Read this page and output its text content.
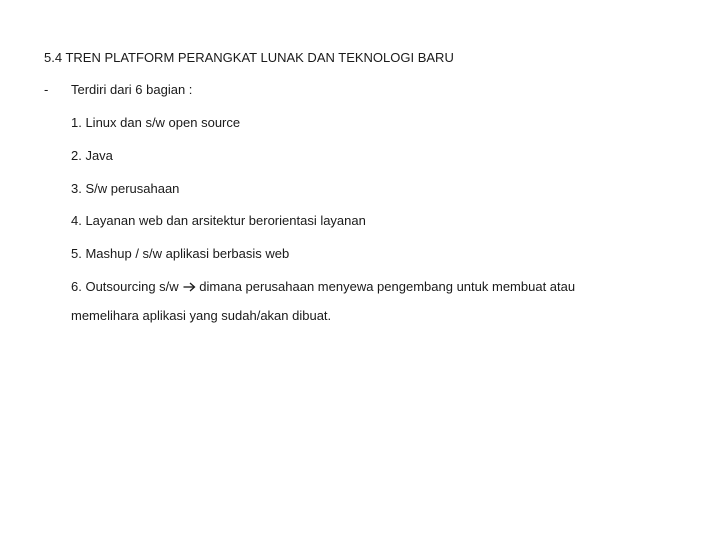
5.4 TREN PLATFORM PERANGKAT LUNAK DAN TEKNOLOGI BARU
- Terdiri dari 6 bagian :
1. Linux dan s/w open source
2. Java
3. S/w perusahaan
4. Layanan web dan arsitektur berorientasi layanan
5. Mashup / s/w aplikasi berbasis web
6. Outsourcing s/w dimana perusahaan menyewa pengembang untuk membuat atau
memelihara aplikasi yang sudah/akan dibuat.
